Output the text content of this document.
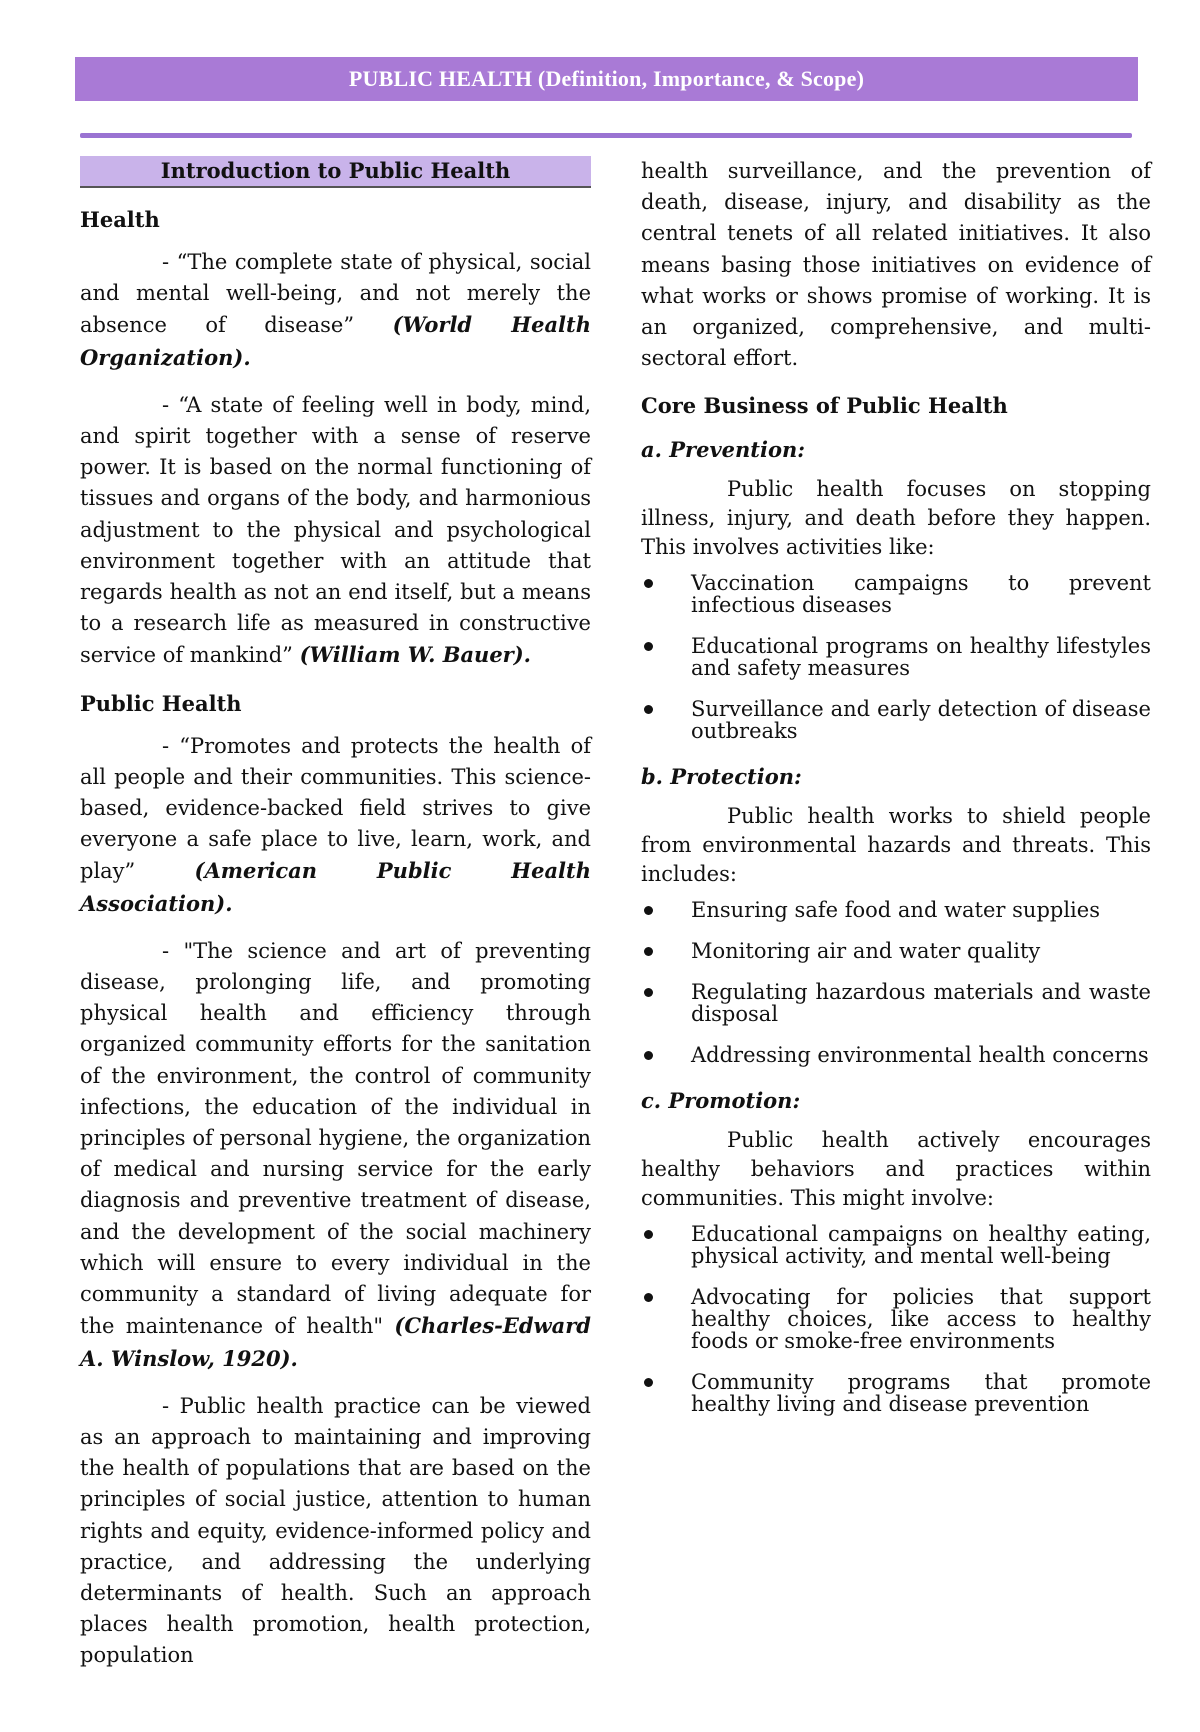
PUBLIC HEALTH (Definition, Importance, & Scope)
Introduction to Public Health
Health

- “The complete state of physical, social and mental well-being, and not merely the absence of disease” (World Health Organization).

- “A state of feeling well in body, mind, and spirit together with a sense of reserve power. It is based on the normal functioning of tissues and organs of the body, and harmonious adjustment to the physical and psychological environment together with an attitude that regards health as not an end itself, but a means to a research life as measured in constructive service of mankind” (William W. Bauer).

Public Health

- “Promotes and protects the health of all people and their communities. This science-based, evidence-backed field strives to give everyone a safe place to live, learn, work, and play” (American Public Health Association).

- "The science and art of preventing disease, prolonging life, and promoting physical health and efficiency through organized community efforts for the sanitation of the environment, the control of community infections, the education of the individual in principles of personal hygiene, the organization of medical and nursing service for the early diagnosis and preventive treatment of disease, and the development of the social machinery which will ensure to every individual in the community a standard of living adequate for the maintenance of health" (Charles-Edward A. Winslow, 1920).

- Public health practice can be viewed as an approach to maintaining and improving the health of populations that are based on the principles of social justice, attention to human rights and equity, evidence-informed policy and practice, and addressing the underlying determinants of health. Such an approach places health promotion, health protection, population

health surveillance, and the prevention of death, disease, injury, and disability as the central tenets of all related initiatives. It also means basing those initiatives on evidence of what works or shows promise of working. It is an organized, comprehensive, and multi-sectoral effort.

Core Business of Public Health
a. Prevention:

Public health focuses on stopping illness, injury, and death before they happen. This involves activities like:

Vaccination campaigns to prevent infectious diseases
Educational programs on healthy lifestyles and safety measures
Surveillance and early detection of disease outbreaks
b. Protection:

Public health works to shield people from environmental hazards and threats. This includes:

Ensuring safe food and water supplies
Monitoring air and water quality
Regulating hazardous materials and waste disposal
Addressing environmental health concerns
c. Promotion:

Public health actively encourages healthy behaviors and practices within communities. This might involve:

Educational campaigns on healthy eating, physical activity, and mental well-being
Advocating for policies that support healthy choices, like access to healthy foods or smoke-free environments
Community programs that promote healthy living and disease prevention
